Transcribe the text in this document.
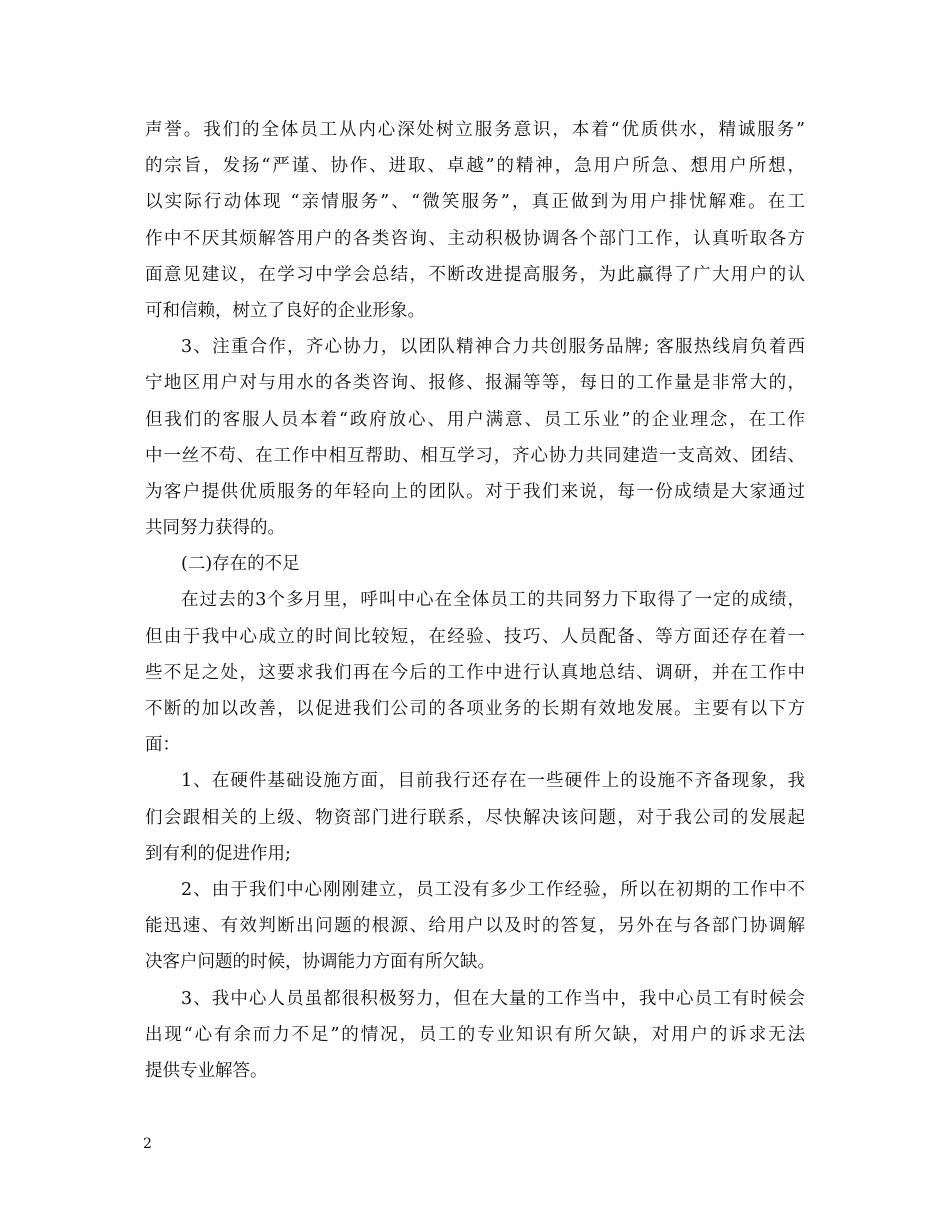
声誉。我们的全体员工从内心深处树立服务意识，本着“优质供水，精诚服务”
的宗旨，发扬“严谨、协作、进取、卓越”的精神，急用户所急、想用户所想，
以实际行动体现 “亲情服务”、“微笑服务”，真正做到为用户排忧解难。在工
作中不厌其烦解答用户的各类咨询、主动积极协调各个部门工作，认真听取各方
面意见建议，在学习中学会总结，不断改进提高服务，为此赢得了广大用户的认
可和信赖，树立了良好的企业形象。
3、注重合作，齐心协力，以团队精神合力共创服务品牌; 客服热线肩负着西
宁地区用户对与用水的各类咨询、报修、报漏等等，每日的工作量是非常大的，
但我们的客服人员本着“政府放心、用户满意、员工乐业”的企业理念，在工作
中一丝不苟、在工作中相互帮助、相互学习，齐心协力共同建造一支高效、团结、
为客户提供优质服务的年轻向上的团队。对于我们来说，每一份成绩是大家通过
共同努力获得的。
(二)存在的不足
在过去的3个多月里，呼叫中心在全体员工的共同努力下取得了一定的成绩，
但由于我中心成立的时间比较短，在经验、技巧、人员配备、等方面还存在着一
些不足之处，这要求我们再在今后的工作中进行认真地总结、调研，并在工作中
不断的加以改善，以促进我们公司的各项业务的长期有效地发展。主要有以下方
面：
1、在硬件基础设施方面，目前我行还存在一些硬件上的设施不齐备现象，我
们会跟相关的上级、物资部门进行联系，尽快解决该问题，对于我公司的发展起
到有利的促进作用;
2、由于我们中心刚刚建立，员工没有多少工作经验，所以在初期的工作中不
能迅速、有效判断出问题的根源、给用户以及时的答复，另外在与各部门协调解
决客户问题的时候，协调能力方面有所欠缺。
3、我中心人员虽都很积极努力，但在大量的工作当中，我中心员工有时候会
出现“心有余而力不足”的情况，员工的专业知识有所欠缺，对用户的诉求无法
提供专业解答。
2
